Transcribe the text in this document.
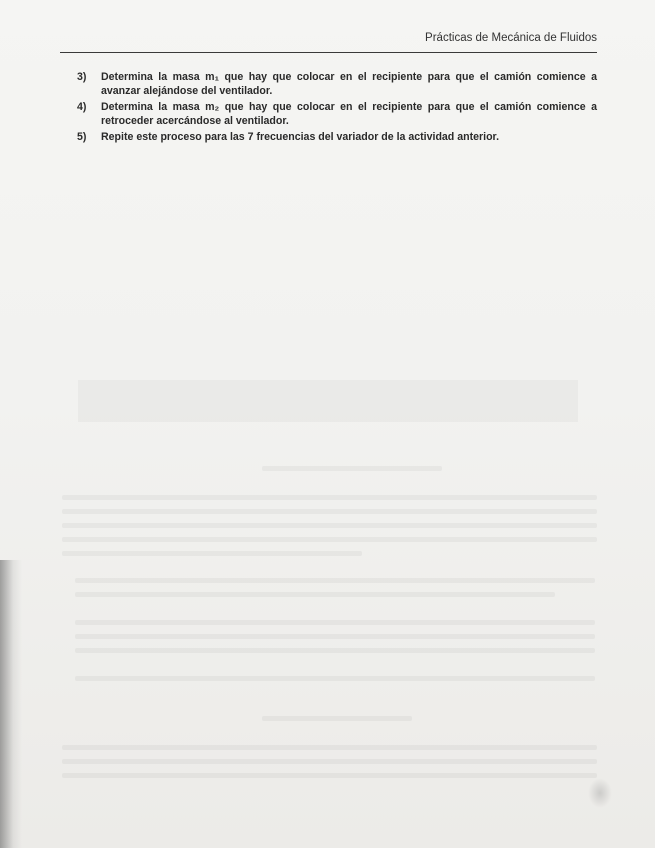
Prácticas de Mecánica de Fluidos
3) Determina la masa m₁ que hay que colocar en el recipiente para que el camión comience a avanzar alejándose del ventilador.
4) Determina la masa m₂ que hay que colocar en el recipiente para que el camión comience a retroceder acercándose al ventilador.
5) Repite este proceso para las 7 frecuencias del variador de la actividad anterior.
